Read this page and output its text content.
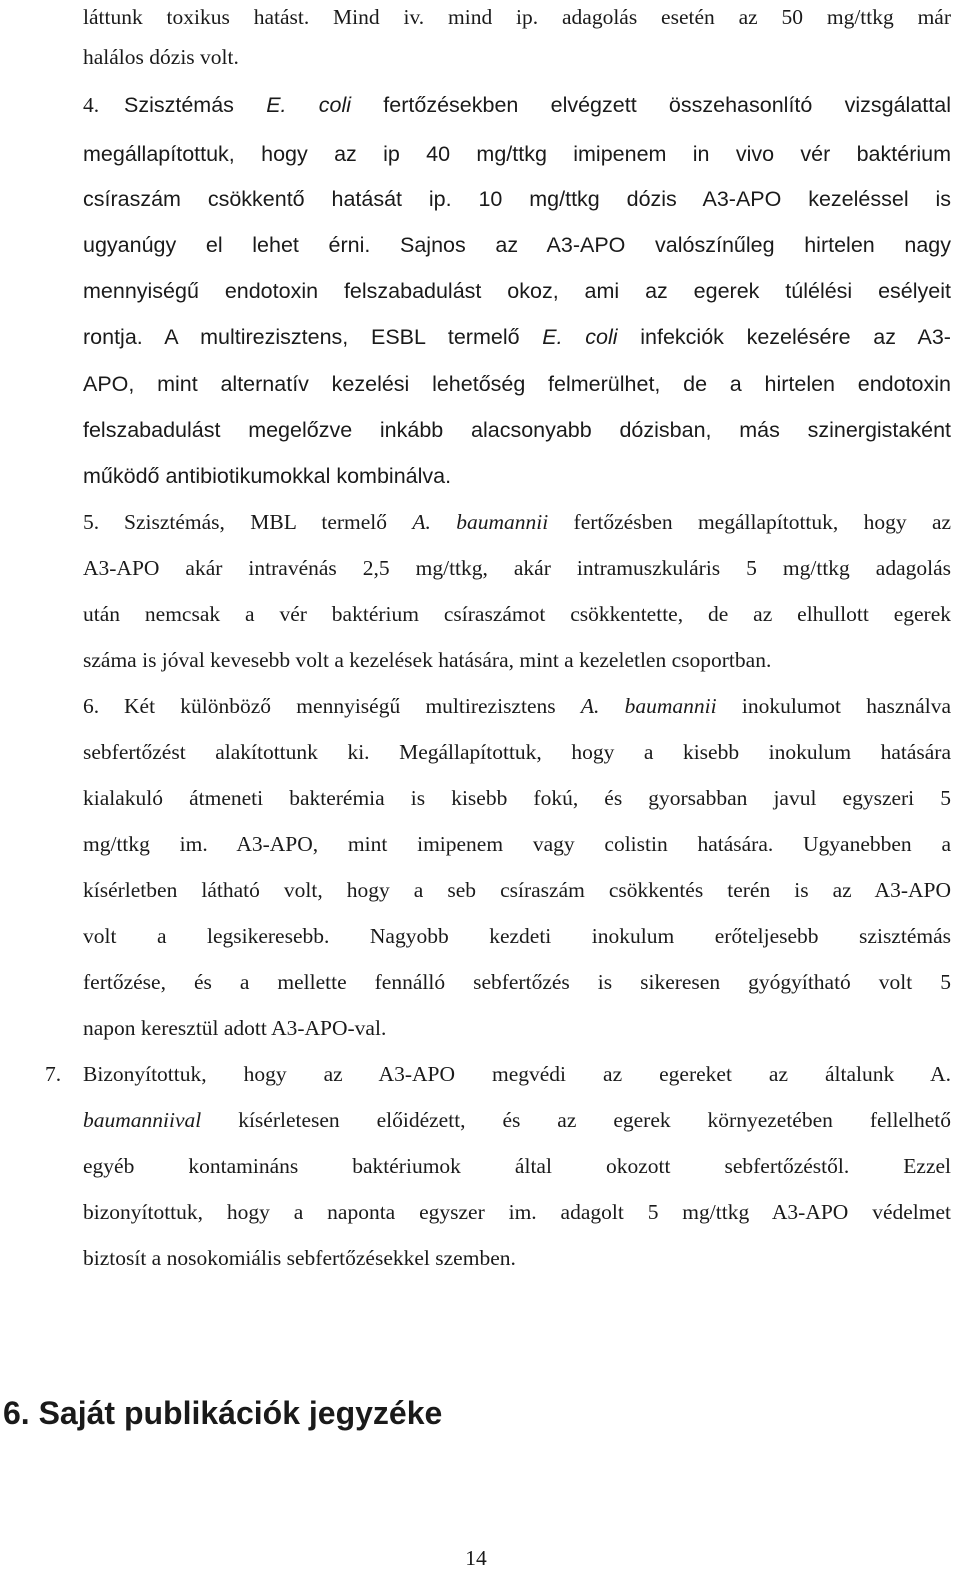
láttunk toxikus hatást. Mind iv. mind ip. adagolás esetén az 50 mg/ttkg már
halálos dózis volt.
4. Szisztémás E. coli fertőzésekben elvégzett összehasonlító vizsgálattal
megállapítottuk, hogy az ip 40 mg/ttkg imipenem in vivo vér baktérium
csíraszám csökkentő hatását ip. 10 mg/ttkg dózis A3-APO kezeléssel is
ugyanúgy el lehet érni. Sajnos az A3-APO valószínűleg hirtelen nagy
mennyiségű endotoxin felszabadulást okoz, ami az egerek túlélési esélyeit
rontja. A multirezisztens, ESBL termelő E. coli infekciók kezelésére az A3-
APO, mint alternatív kezelési lehetőség felmerülhet, de a hirtelen endotoxin
felszabadulást megelőzve inkább alacsonyabb dózisban, más szinergistaként
működő antibiotikumokkal kombinálva.
5. Szisztémás, MBL termelő A. baumannii fertőzésben megállapítottuk, hogy az
A3-APO akár intravénás 2,5 mg/ttkg, akár intramuszkuláris 5 mg/ttkg adagolás
után nemcsak a vér baktérium csíraszámot csökkentette, de az elhullott egerek
száma is jóval kevesebb volt a kezelések hatására, mint a kezeletlen csoportban.
6. Két különböző mennyiségű multirezisztens A. baumannii inokulumot használva
sebfertőzést alakítottunk ki. Megállapítottuk, hogy a kisebb inokulum hatására
kialakuló átmeneti bakterémia is kisebb fokú, és gyorsabban javul egyszeri 5
mg/ttkg im. A3-APO, mint imipenem vagy colistin hatására. Ugyanebben a
kísérletben látható volt, hogy a seb csíraszám csökkentés terén is az A3-APO
volt a legsikeresebb. Nagyobb kezdeti inokulum erőteljesebb szisztémás
fertőzése, és a mellette fennálló sebfertőzés is sikeresen gyógyítható volt 5
napon keresztül adott A3-APO-val.
7. Bizonyítottuk, hogy az A3-APO megvédi az egereket az általunk A.
baumanniival kísérletesen előidézett, és az egerek környezetében fellelhető
egyéb kontamináns baktériumok által okozott sebfertőzéstől. Ezzel
bizonyítottuk, hogy a naponta egyszer im. adagolt 5 mg/ttkg A3-APO védelmet
biztosít a nosokomiális sebfertőzésekkel szemben.
6. Saját publikációk jegyzéke
14
